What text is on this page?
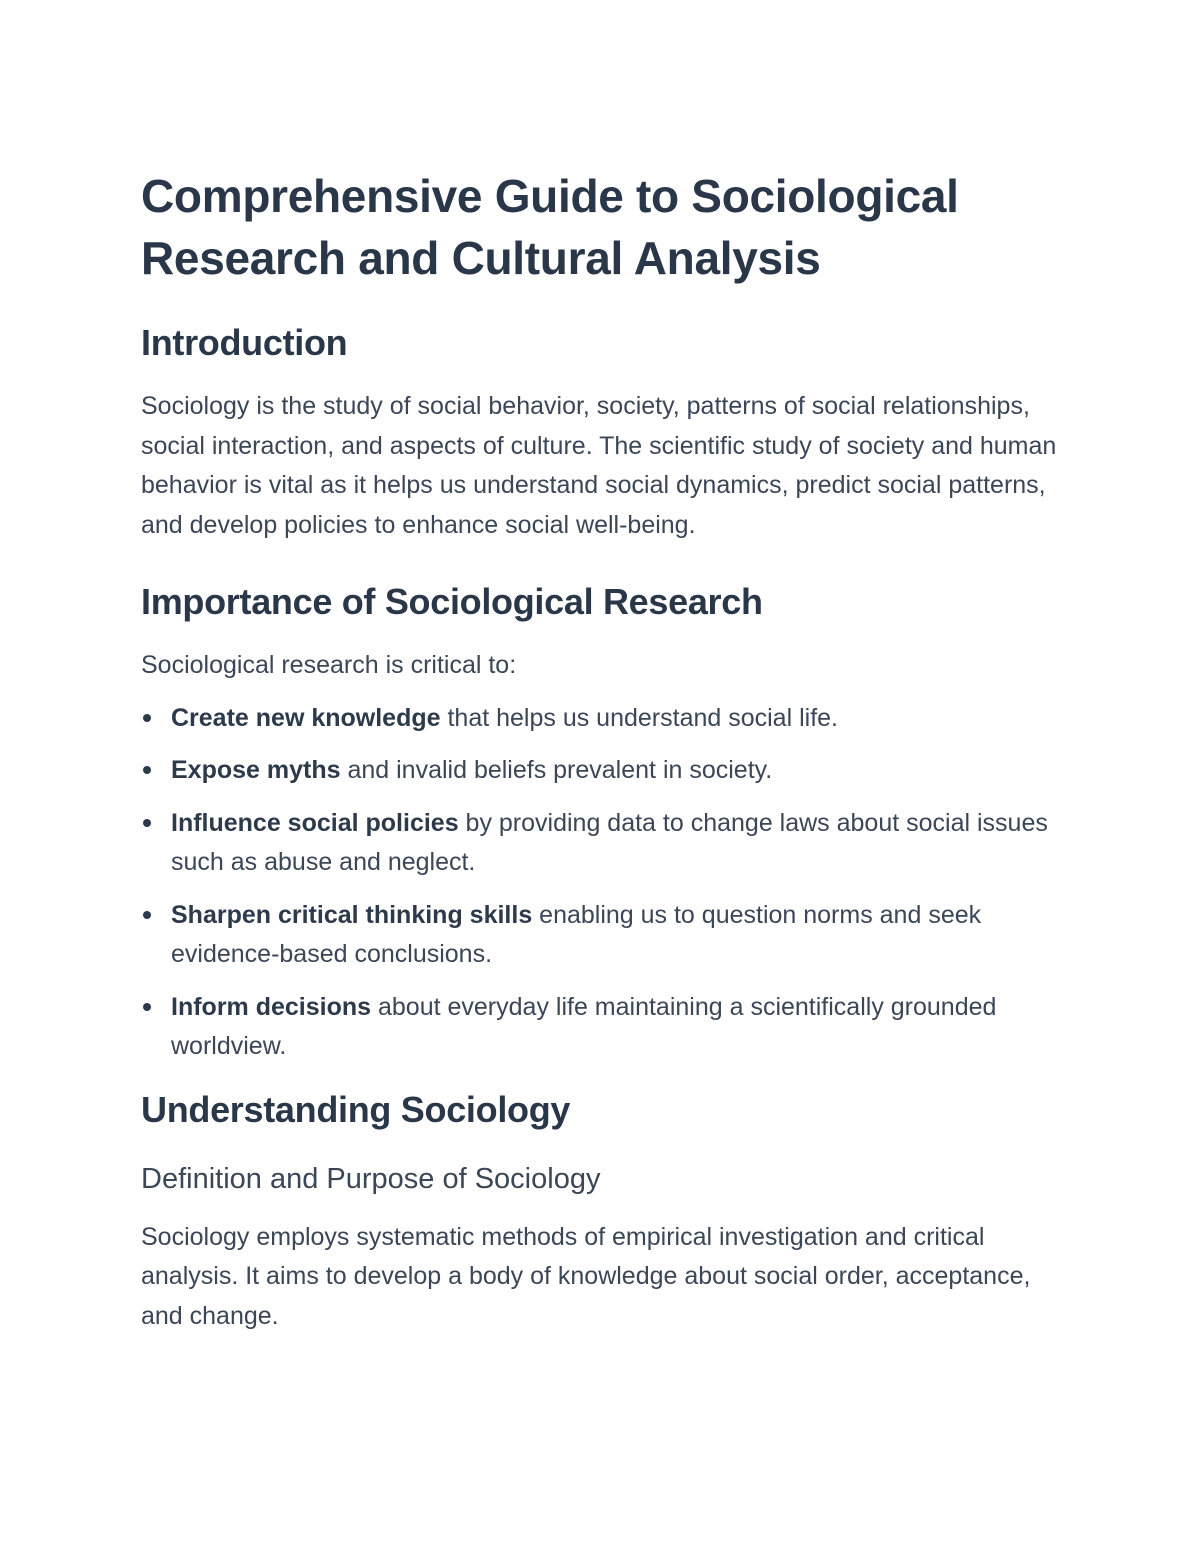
Comprehensive Guide to Sociological Research and Cultural Analysis
Introduction

Sociology is the study of social behavior, society, patterns of social relationships, social interaction, and aspects of culture. The scientific study of society and human behavior is vital as it helps us understand social dynamics, predict social patterns, and develop policies to enhance social well-being.

Importance of Sociological Research

Sociological research is critical to:

Create new knowledge that helps us understand social life.
Expose myths and invalid beliefs prevalent in society.
Influence social policies by providing data to change laws about social issues such as abuse and neglect.
Sharpen critical thinking skills enabling us to question norms and seek evidence-based conclusions.
Inform decisions about everyday life maintaining a scientifically grounded worldview.
Understanding Sociology
Definition and Purpose of Sociology

Sociology employs systematic methods of empirical investigation and critical analysis. It aims to develop a body of knowledge about social order, acceptance, and change.
